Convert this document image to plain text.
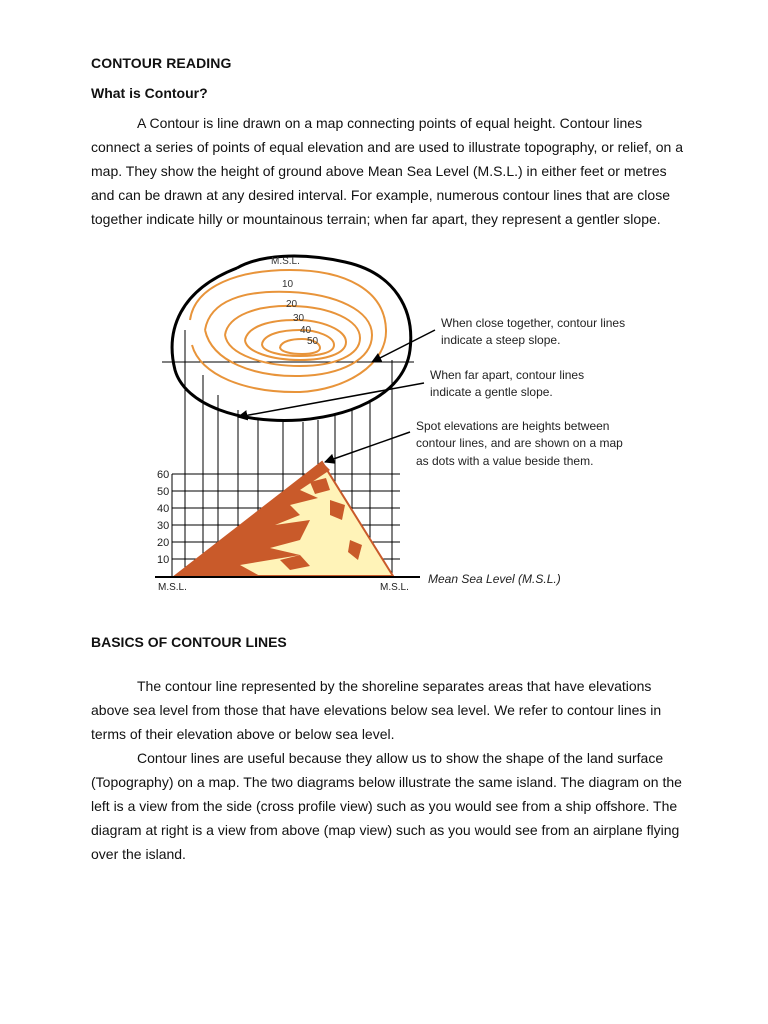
CONTOUR READING
What is Contour?

A Contour is line drawn on a map connecting points of equal height. Contour lines connect a series of points of equal elevation and are used to illustrate topography, or relief, on a map. They show the height of ground above Mean Sea Level (M.S.L.) in either feet or metres and can be drawn at any desired interval. For example, numerous contour lines that are close together indicate hilly or mountainous terrain; when far apart, they represent a gentler slope.

M.S.L.
10
20
30
40
50
60
50
40
30
20
10
M.S.L.	M.S.L.
Mean Sea Level (M.S.L.)
When close together, contour lines
indicate a steep slope.
When far apart, contour lines
indicate a gentle slope.
Spot elevations are heights between
contour lines, and are shown on a map
as dots with a value beside them.
BASICS OF CONTOUR LINES

The contour line represented by the shoreline separates areas that have elevations above sea level from those that have elevations below sea level. We refer to contour lines in terms of their elevation above or below sea level.

Contour lines are useful because they allow us to show the shape of the land surface (Topography) on a map. The two diagrams below illustrate the same island. The diagram on the left is a view from the side (cross profile view) such as you would see from a ship offshore. The diagram at right is a view from above (map view) such as you would see from an airplane flying over the island.
